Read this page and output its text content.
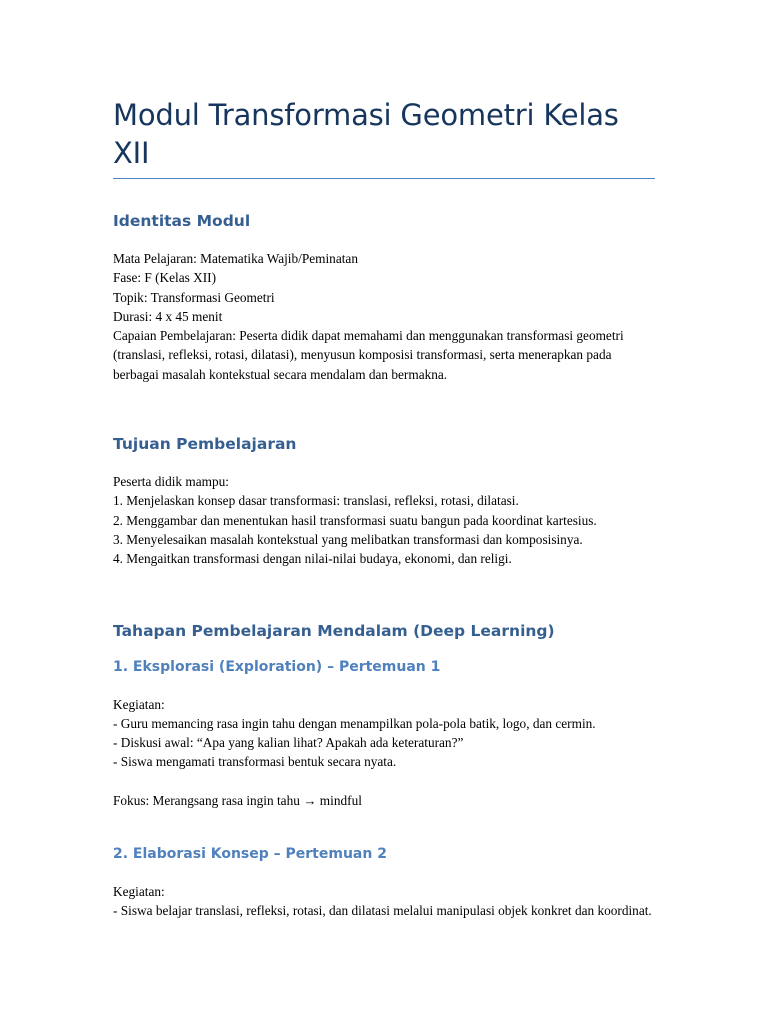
Modul Transformasi Geometri Kelas XII
Identitas Modul

Mata Pelajaran: Matematika Wajib/Peminatan
Fase: F (Kelas XII)
Topik: Transformasi Geometri
Durasi: 4 x 45 menit
Capaian Pembelajaran: Peserta didik dapat memahami dan menggunakan transformasi geometri (translasi, refleksi, rotasi, dilatasi), menyusun komposisi transformasi, serta menerapkan pada berbagai masalah kontekstual secara mendalam dan bermakna.

Tujuan Pembelajaran

Peserta didik mampu:
1. Menjelaskan konsep dasar transformasi: translasi, refleksi, rotasi, dilatasi.
2. Menggambar dan menentukan hasil transformasi suatu bangun pada koordinat kartesius.
3. Menyelesaikan masalah kontekstual yang melibatkan transformasi dan komposisinya.
4. Mengaitkan transformasi dengan nilai-nilai budaya, ekonomi, dan religi.

Tahapan Pembelajaran Mendalam (Deep Learning)
1. Eksplorasi (Exploration) – Pertemuan 1

Kegiatan:
- Guru memancing rasa ingin tahu dengan menampilkan pola-pola batik, logo, dan cermin.
- Diskusi awal: “Apa yang kalian lihat? Apakah ada keteraturan?”
- Siswa mengamati transformasi bentuk secara nyata.

Fokus: Merangsang rasa ingin tahu → mindful

2. Elaborasi Konsep – Pertemuan 2

Kegiatan:
- Siswa belajar translasi, refleksi, rotasi, dan dilatasi melalui manipulasi objek konkret dan koordinat.
